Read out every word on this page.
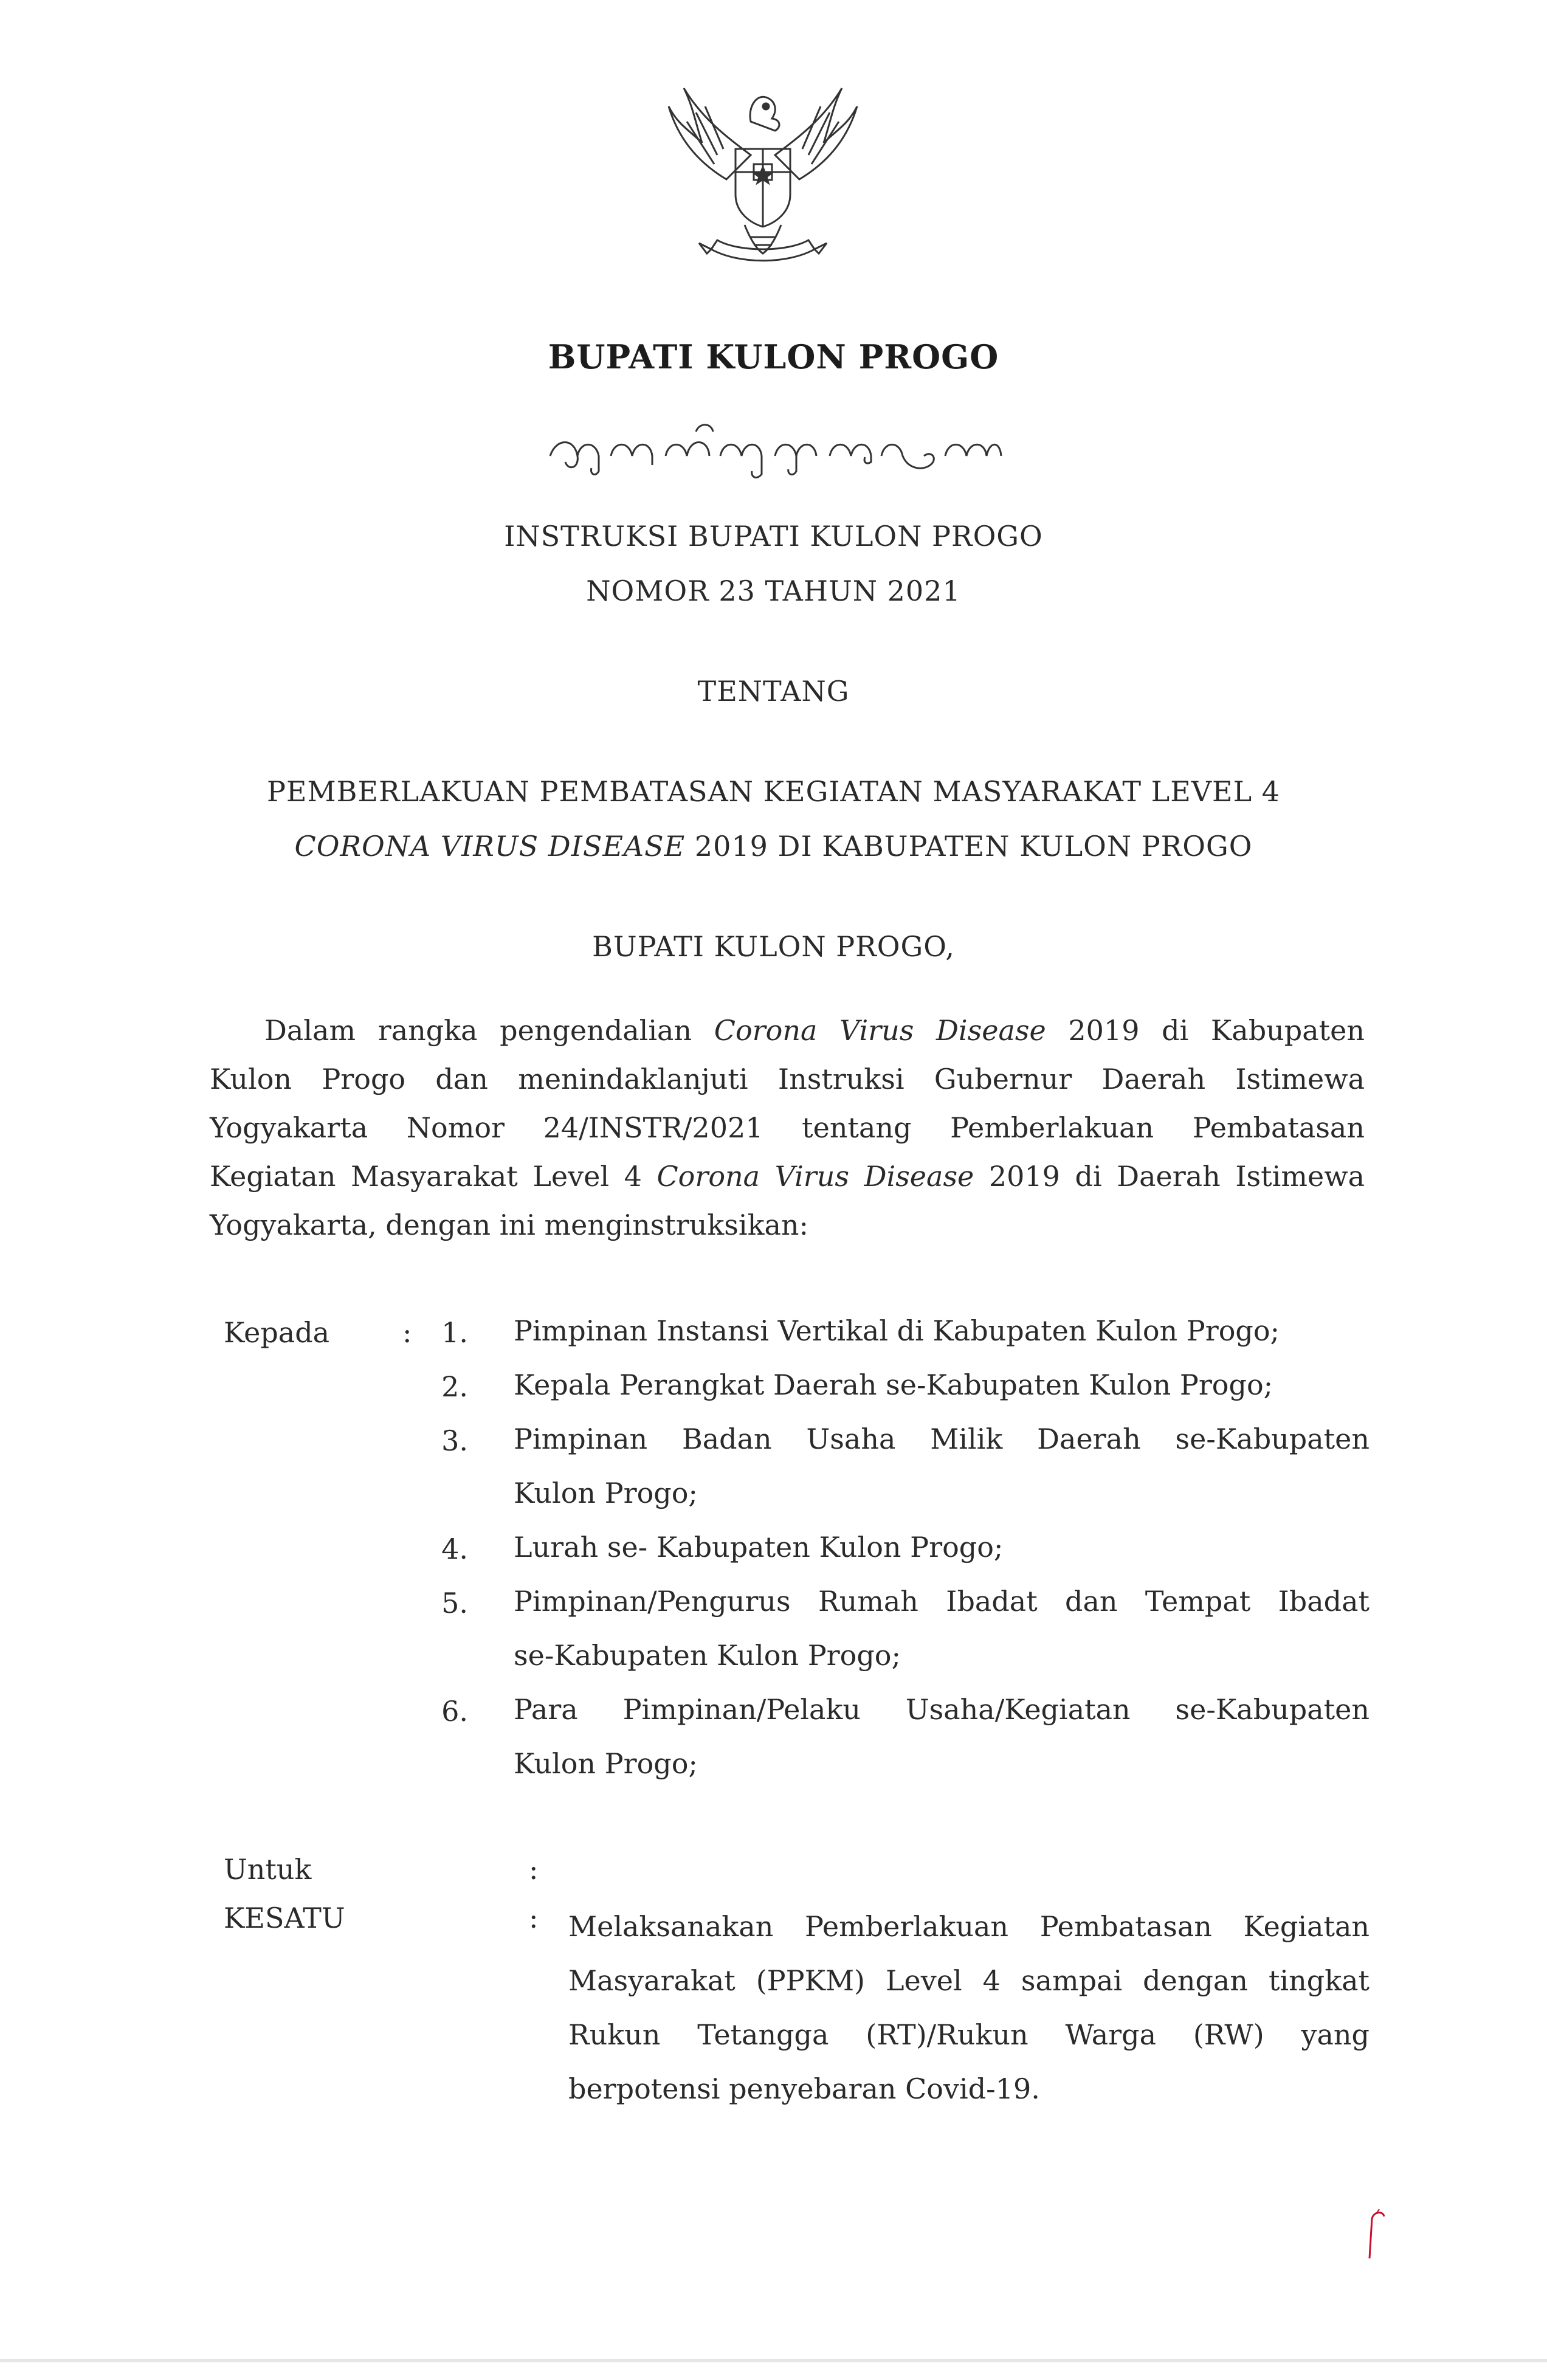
BUPATI KULON PROGO
INSTRUKSI BUPATI KULON PROGO
NOMOR 23 TAHUN 2021
TENTANG
PEMBERLAKUAN PEMBATASAN KEGIATAN MASYARAKAT LEVEL 4
CORONA VIRUS DISEASE 2019 DI KABUPATEN KULON PROGO
BUPATI KULON PROGO,
Dalam rangka pengendalian Corona Virus Disease 2019 di Kabupaten
Kulon Progo dan menindaklanjuti Instruksi Gubernur Daerah Istimewa
Yogyakarta Nomor 24/INSTR/2021 tentang Pemberlakuan Pembatasan
Kegiatan Masyarakat Level 4 Corona Virus Disease 2019 di Daerah Istimewa
Yogyakarta, dengan ini menginstruksikan:
Kepada	:	1. Pimpinan Instansi Vertikal di Kabupaten Kulon Progo;
2. Kepala Perangkat Daerah se-Kabupaten Kulon Progo;
3. Pimpinan Badan Usaha Milik Daerah se-Kabupaten
Kulon Progo;
4. Lurah se- Kabupaten Kulon Progo;
5. Pimpinan/Pengurus Rumah Ibadat dan Tempat Ibadat
se-Kabupaten Kulon Progo;
6. Para Pimpinan/Pelaku Usaha/Kegiatan se-Kabupaten
Kulon Progo;
Untuk	:
KESATU	: Melaksanakan Pemberlakuan Pembatasan Kegiatan
Masyarakat (PPKM) Level 4 sampai dengan tingkat
Rukun Tetangga (RT)/Rukun Warga (RW) yang
berpotensi penyebaran Covid-19.
